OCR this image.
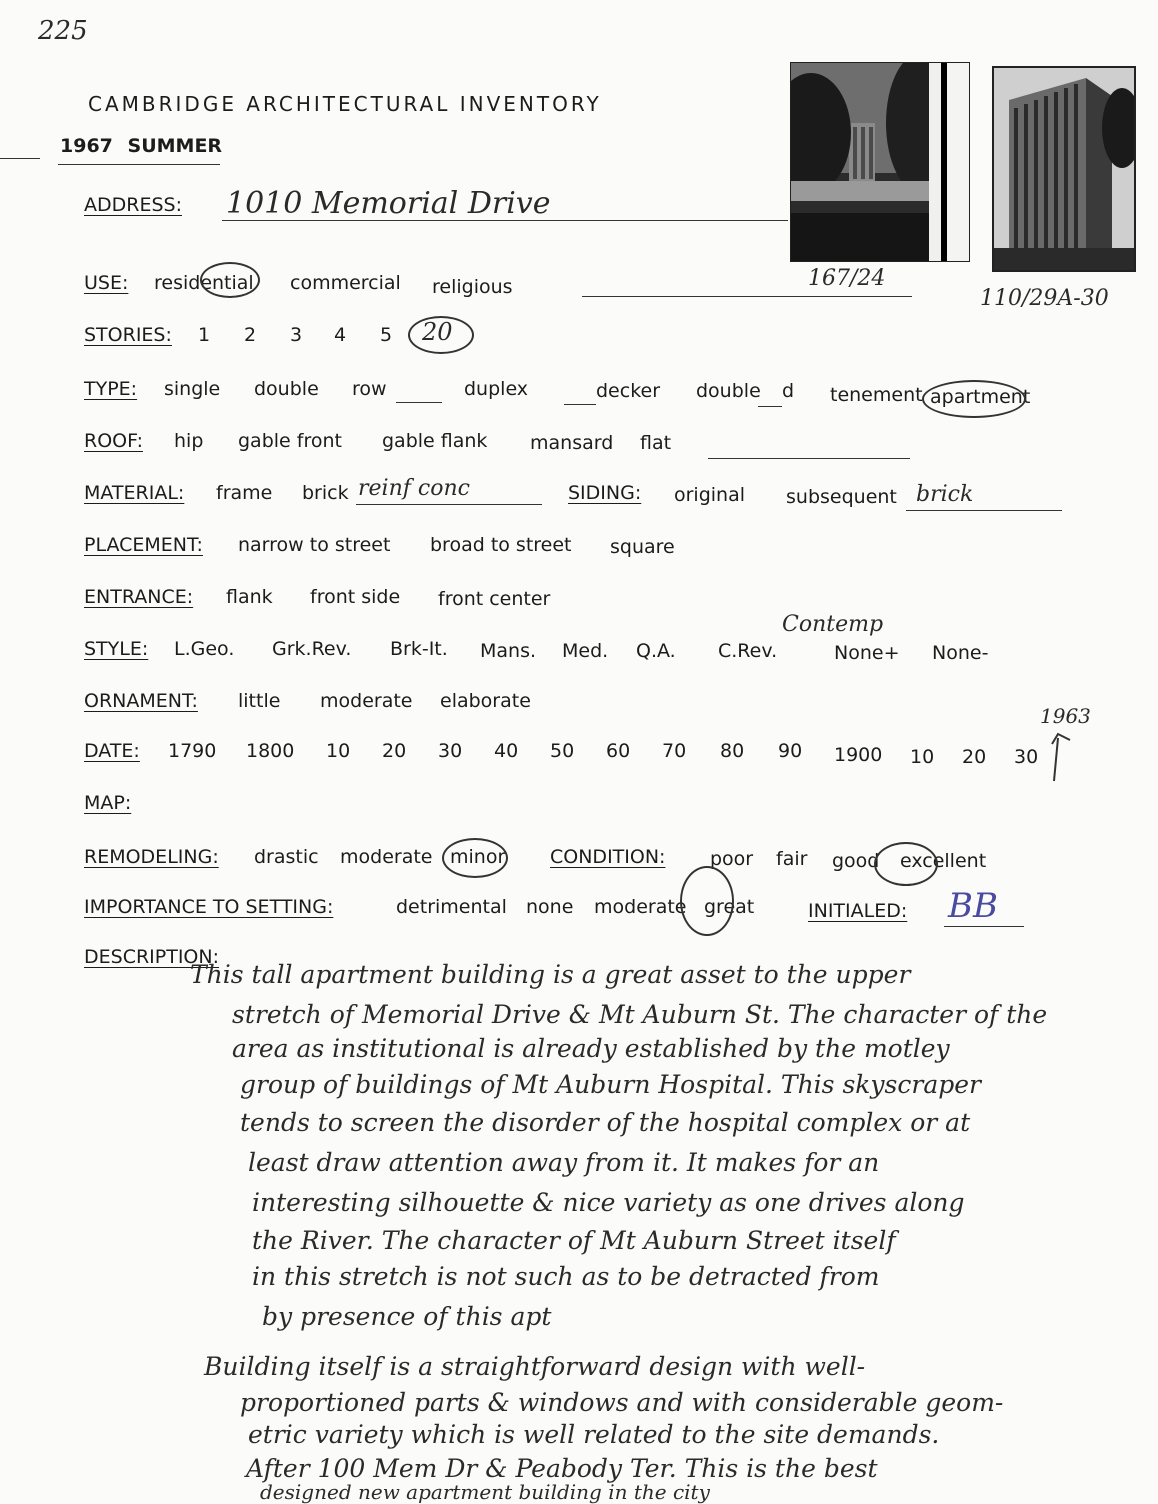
225
CAMBRIDGE ARCHITECTURAL INVENTORY
1967 SUMMER
167/24
110/29A-30
ADDRESS: 1010 Memorial Drive
USE: residential commercial religious
STORIES: 1 2 3 4 5 20
TYPE: single double row	duplex	decker double d tenement apartment
ROOF: hip gable front gable flank mansard flat
MATERIAL: frame brick	SIDING: original subsequent
reinf conc	brick
PLACEMENT: narrow to street broad to street square
ENTRANCE: flank front side front center
Contemp
STYLE: L.Geo. Grk.Rev. Brk-It. Mans. Med. Q.A. C.Rev.	None+ None-
ORNAMENT: little moderate elaborate
1963
DATE: 1790 1800 10 20 30 40 50 60 70 80 90 1900 10 20 30
MAP:
REMODELING: drastic moderate minor CONDITION: poor fair good excellent
IMPORTANCE TO SETTING:	detrimental none moderate great	INITIALED: BB
DESCRIPTION:
This tall apartment building is a great asset to the upper
stretch of Memorial Drive & Mt Auburn St. The character of the
area as institutional is already established by the motley
group of buildings of Mt Auburn Hospital. This skyscraper
tends to screen the disorder of the hospital complex or at
least draw attention away from it. It makes for an
interesting silhouette & nice variety as one drives along
the River. The character of Mt Auburn Street itself
in this stretch is not such as to be detracted from
by presence of this apt
Building itself is a straightforward design with well-
proportioned parts & windows and with considerable geom-
etric variety which is well related to the site demands.
After 100 Mem Dr & Peabody Ter. This is the best
designed new apartment building in the city
